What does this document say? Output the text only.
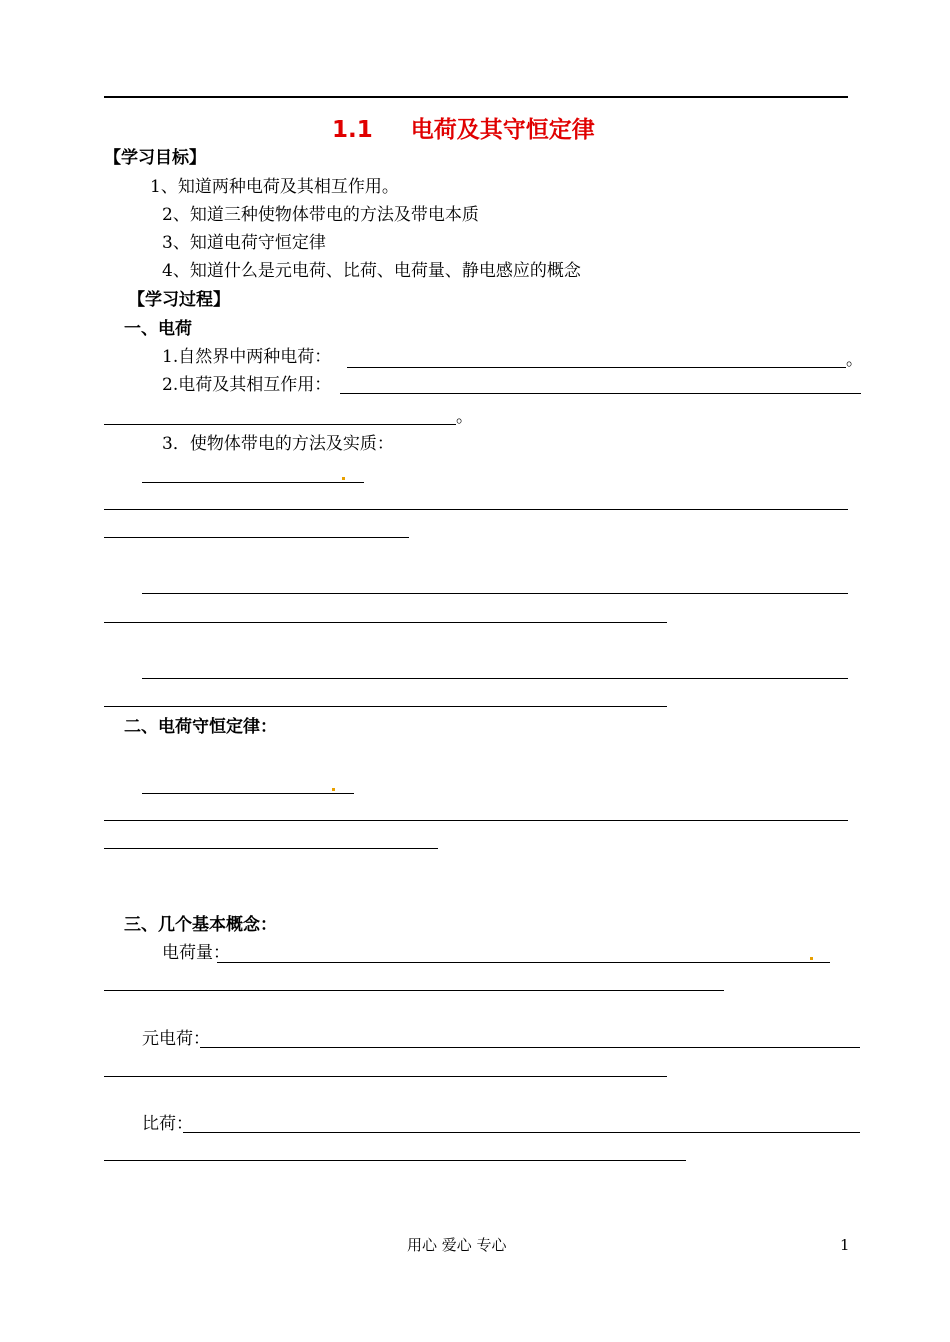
1.1 电荷及其守恒定律
【学习目标】
1、知道两种电荷及其相互作用。
2、知道三种使物体带电的方法及带电本质
3、知道电荷守恒定律
4、知道什么是元电荷、比荷、电荷量、静电感应的概念
【学习过程】
一、电荷
1.自然界中两种电荷：	。
2.电荷及其相互作用：
。
3．使物体带电的方法及实质：
二、电荷守恒定律：
三、几个基本概念：
电荷量：
元电荷：
比荷：
用心 爱心 专心	1
